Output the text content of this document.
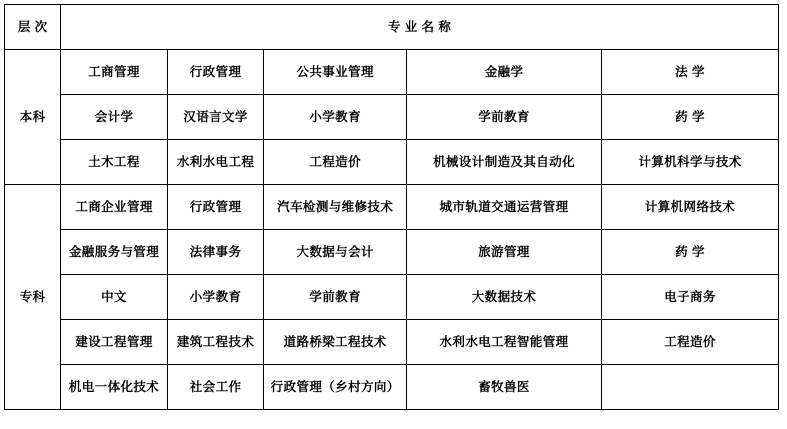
层 次	专 业 名 称				
本科	工商管理	行政管理	公共事业管理	金融学	法 学
	会计学	汉语言文学	小学教育	学前教育	药 学
	土木工程	水利水电工程	工程造价	机械设计制造及其自动化	计算机科学与技术
专科	工商企业管理	行政管理	汽车检测与维修技术	城市轨道交通运营管理	计算机网络技术
	金融服务与管理	法律事务	大数据与会计	旅游管理	药 学
	中文	小学教育	学前教育	大数据技术	电子商务
	建设工程管理	建筑工程技术	道路桥梁工程技术	水利水电工程智能管理	工程造价
	机电一体化技术	社会工作	行政管理（乡村方向）	畜牧兽医	
